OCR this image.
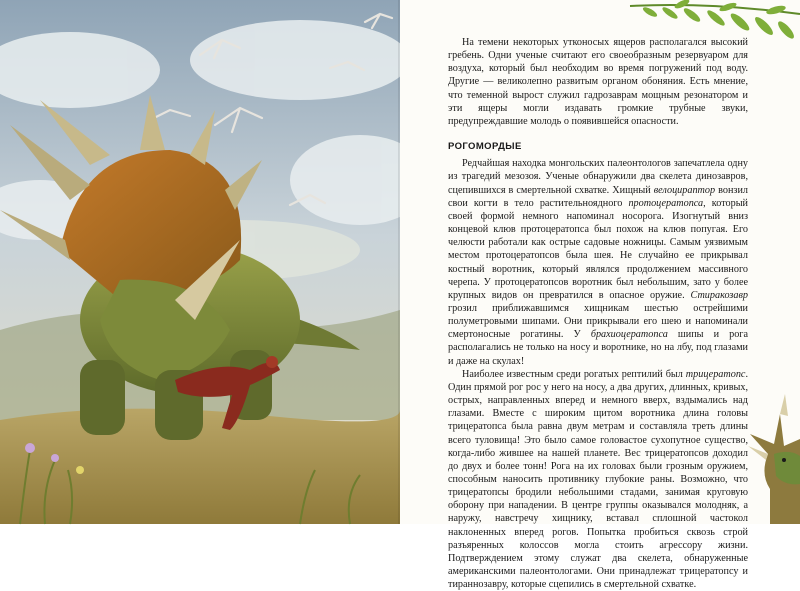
На темени некоторых утконосых ящеров располагался высокий гребень. Одни ученые считают его своеобразным резервуаром для воздуха, который был необходим во время погружений под воду. Другие — великолепно развитым органом обоняния. Есть мнение, что теменной вырост служил гадрозаврам мощным резонатором и эти ящеры могли издавать громкие трубные звуки, предупреждавшие молодь о появившейся опасности.

РОГОМОРДЫЕ

Редчайшая находка монгольских палеонтологов запечатлела одну из трагедий мезозоя. Ученые обнаружили два скелета динозавров, сцепившихся в смертельной схватке. Хищный велоцираптор вонзил свои когти в тело растительноядного протоцератопса, который своей формой немного напоминал носорога. Изогнутый вниз концевой клюв протоцератопса был похож на клюв попугая. Его челюсти работали как острые садовые ножницы. Самым уязвимым местом протоцератопсов была шея. Не случайно ее прикрывал костный воротник, который являлся продолжением массивного черепа. У протоцератопсов воротник был небольшим, зато у более крупных видов он превратился в опасное оружие. Стиракозавр грозил приближавшимся хищникам шестью острейшими полуметровыми шипами. Они прикрывали его шею и напоминали смертоносные рогатины. У брахиоцератопса шипы и рога располагались не только на носу и воротнике, но на лбу, под глазами и даже на скулах!

Наиболее известным среди рогатых рептилий был трицератопс. Один прямой рог рос у него на носу, а два других, длинных, кривых, острых, направленных вперед и немного вверх, вздымались над глазами. Вместе с широким щитом воротника длина головы трицератопса была равна двум метрам и составляла треть длины всего туловища! Это было самое головастое сухопутное существо, когда-либо жившее на нашей планете. Вес трицератопсов доходил до двух и более тонн! Рога на их головах были грозным оружием, способным наносить противнику глубокие раны. Возможно, что трицератопсы бродили небольшими стадами, занимая круговую оборону при нападении. В центре группы оказывался молодняк, а наружу, навстречу хищнику, вставал сплошной частокол наклоненных вперед рогов. Попытка пробиться сквозь строй разъяренных колоссов могла стоить агрессору жизни. Подтверждением этому служат два скелета, обнаруженные американскими палеонтологами. Они принадлежат трицератопсу и тираннозавру, которые сцепились в смертельной схватке.
